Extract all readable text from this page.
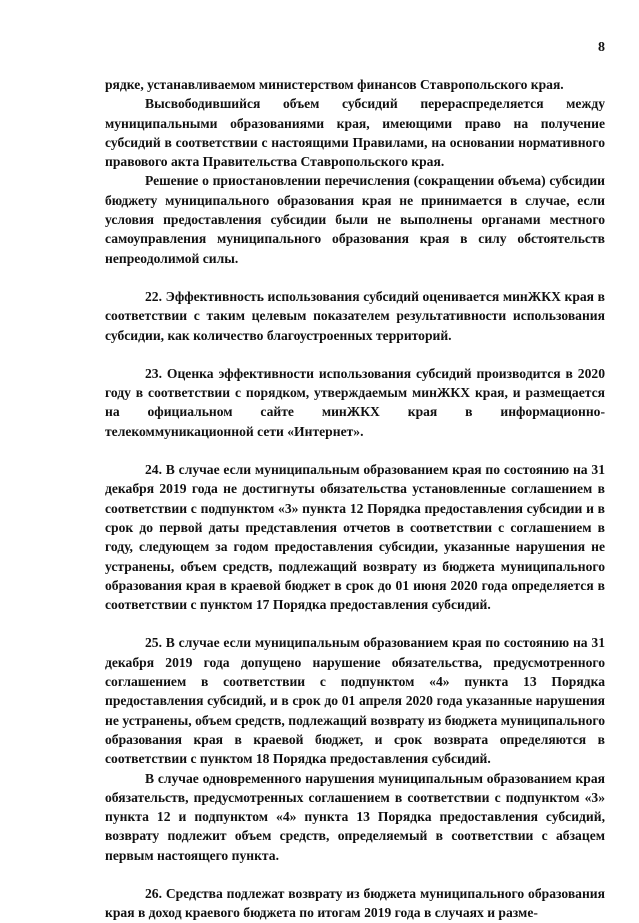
8

рядке, устанавливаемом министерством финансов Ставропольского края.

Высвободившийся объем субсидий перераспределяется между муниципальными образованиями края, имеющими право на получение субсидий в соответствии с настоящими Правилами, на основании нормативного правового акта Правительства Ставропольского края.

Решение о приостановлении перечисления (сокращении объема) субсидии бюджету муниципального образования края не принимается в случае, если условия предоставления субсидии были не выполнены органами местного самоуправления муниципального образования края в силу обстоятельств непреодолимой силы.

22. Эффективность использования субсидий оценивается минЖКХ края в соответствии с таким целевым показателем результативности использования субсидии, как количество благоустроенных территорий.

23. Оценка эффективности использования субсидий производится в 2020 году в соответствии с порядком, утверждаемым минЖКХ края, и размещается на официальном сайте минЖКХ края в информационно-телекоммуникационной сети «Интернет».

24. В случае если муниципальным образованием края по состоянию на 31 декабря 2019 года не достигнуты обязательства установленные соглашением в соответствии с подпунктом «3» пункта 12 Порядка предоставления субсидии и в срок до первой даты представления отчетов в соответствии с соглашением в году, следующем за годом предоставления субсидии, указанные нарушения не устранены, объем средств, подлежащий возврату из бюджета муниципального образования края в краевой бюджет в срок до 01 июня 2020 года определяется в соответствии с пунктом 17 Порядка предоставления субсидий.

25. В случае если муниципальным образованием края по состоянию на 31 декабря 2019 года допущено нарушение обязательства, предусмотренного соглашением в соответствии с подпунктом «4» пункта 13 Порядка предоставления субсидий, и в срок до 01 апреля 2020 года указанные нарушения не устранены, объем средств, подлежащий возврату из бюджета муниципального образования края в краевой бюджет, и срок возврата определяются в соответствии с пунктом 18 Порядка предоставления субсидий.

В случае одновременного нарушения муниципальным образованием края обязательств, предусмотренных соглашением в соответствии с подпунктом «3» пункта 12 и подпунктом «4» пункта 13 Порядка предоставления субсидий, возврату подлежит объем средств, определяемый в соответствии с абзацем первым настоящего пункта.

26. Средства подлежат возврату из бюджета муниципального образования края в доход краевого бюджета по итогам 2019 года в случаях и разме-
